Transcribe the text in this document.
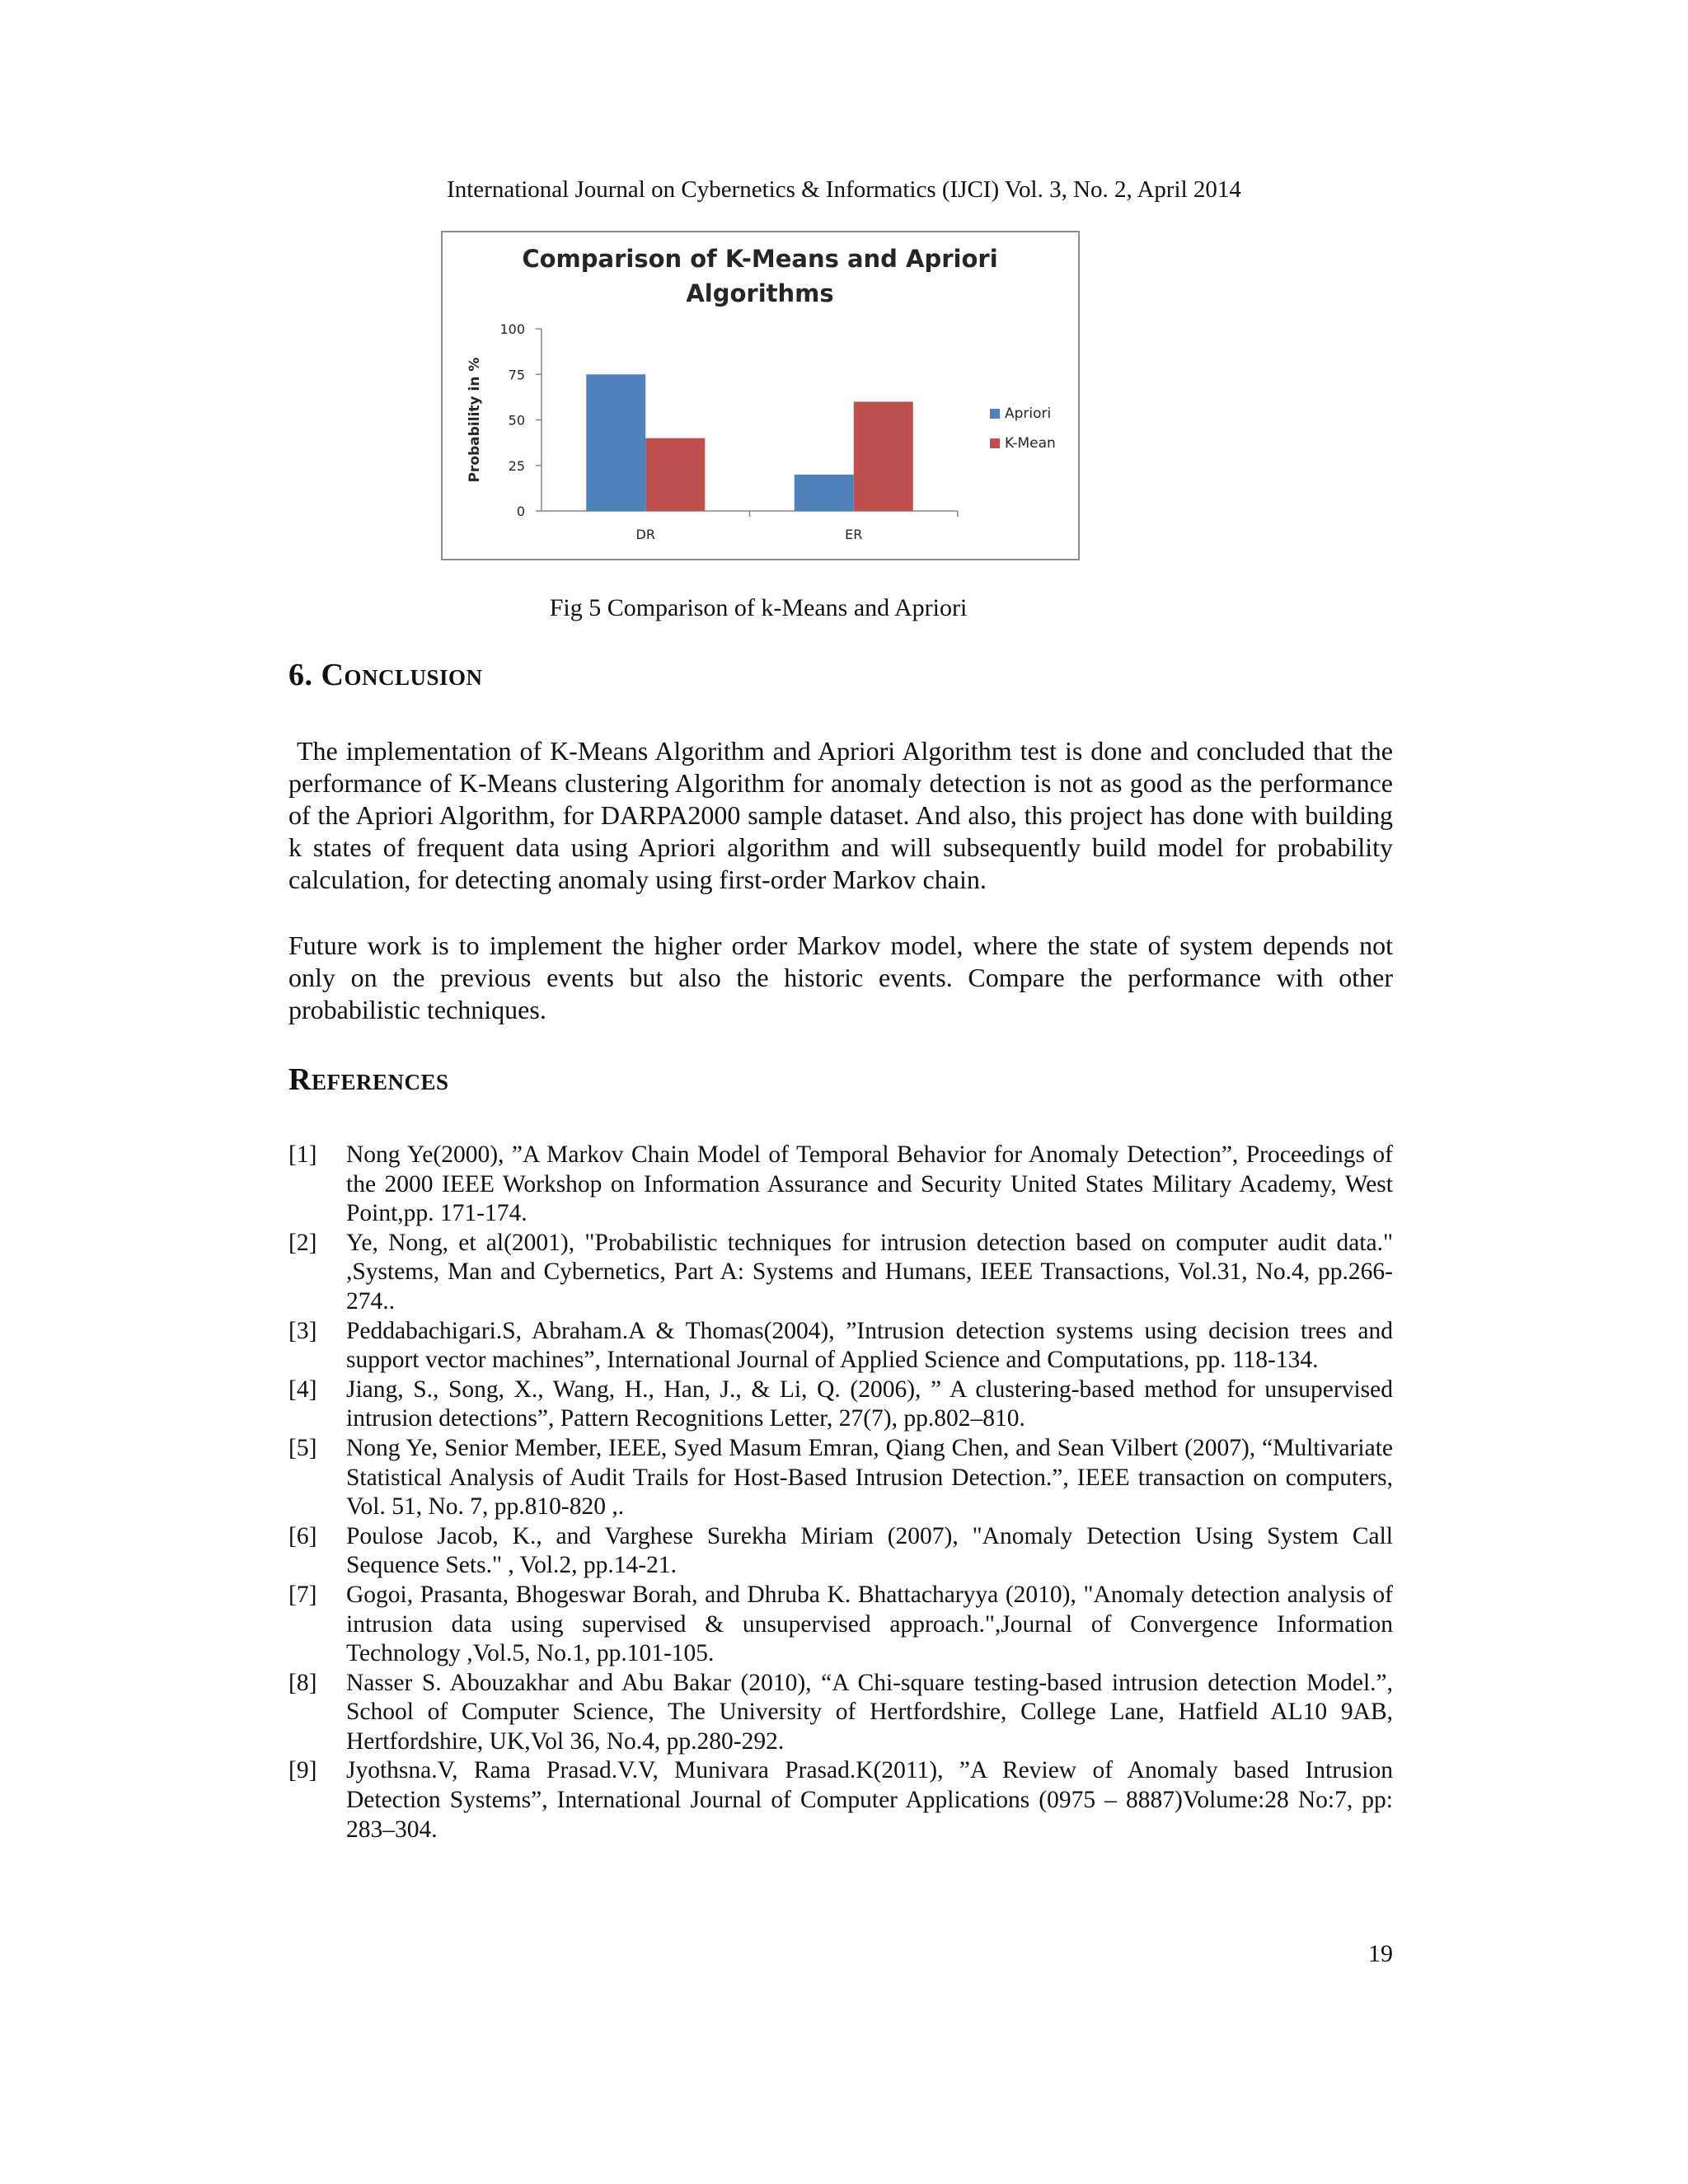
International Journal on Cybernetics & Informatics (IJCI) Vol. 3, No. 2, April 2014
Comparison of K-Means and Apriori
Algorithms
Probability in %
0
25
50
75
100
DR	ER
Apriori
K-Mean
Fig 5 Comparison of k-Means and Apriori
6. Conclusion

The implementation of K-Means Algorithm and Apriori Algorithm test is done and concluded that the performance of K-Means clustering Algorithm for anomaly detection is not as good as the performance of the Apriori Algorithm, for DARPA2000 sample dataset. And also, this project has done with building k states of frequent data using Apriori algorithm and will subsequently build model for probability calculation, for detecting anomaly using first-order Markov chain.

Future work is to implement the higher order Markov model, where the state of system depends not only on the previous events but also the historic events. Compare the performance with other probabilistic techniques.

References
[1] Nong Ye(2000), ”A Markov Chain Model of Temporal Behavior for Anomaly Detection”, Proceedings of the 2000 IEEE Workshop on Information Assurance and Security United States Military Academy, West Point,pp. 171-174.
[2] Ye, Nong, et al(2001), "Probabilistic techniques for intrusion detection based on computer audit data." ,Systems, Man and Cybernetics, Part A: Systems and Humans, IEEE Transactions, Vol.31, No.4, pp.266-274..
[3] Peddabachigari.S, Abraham.A & Thomas(2004), ”Intrusion detection systems using decision trees and support vector machines”, International Journal of Applied Science and Computations, pp. 118-134.
[4] Jiang, S., Song, X., Wang, H., Han, J., & Li, Q. (2006), ” A clustering-based method for unsupervised intrusion detections”, Pattern Recognitions Letter, 27(7), pp.802–810.
[5] Nong Ye, Senior Member, IEEE, Syed Masum Emran, Qiang Chen, and Sean Vilbert (2007), “Multivariate Statistical Analysis of Audit Trails for Host-Based Intrusion Detection.”, IEEE transaction on computers, Vol. 51, No. 7, pp.810-820 ,.
[6] Poulose Jacob, K., and Varghese Surekha Miriam (2007), "Anomaly Detection Using System Call Sequence Sets." , Vol.2, pp.14-21.
[7] Gogoi, Prasanta, Bhogeswar Borah, and Dhruba K. Bhattacharyya (2010), "Anomaly detection analysis of intrusion data using supervised & unsupervised approach.",Journal of Convergence Information Technology ,Vol.5, No.1, pp.101-105.
[8] Nasser S. Abouzakhar and Abu Bakar (2010), “A Chi-square testing-based intrusion detection Model.”, School of Computer Science, The University of Hertfordshire, College Lane, Hatfield AL10 9AB, Hertfordshire, UK,Vol 36, No.4, pp.280-292.
[9] Jyothsna.V, Rama Prasad.V.V, Munivara Prasad.K(2011), ”A Review of Anomaly based Intrusion Detection Systems”, International Journal of Computer Applications (0975 – 8887)Volume:28 No:7, pp: 283–304.
19
